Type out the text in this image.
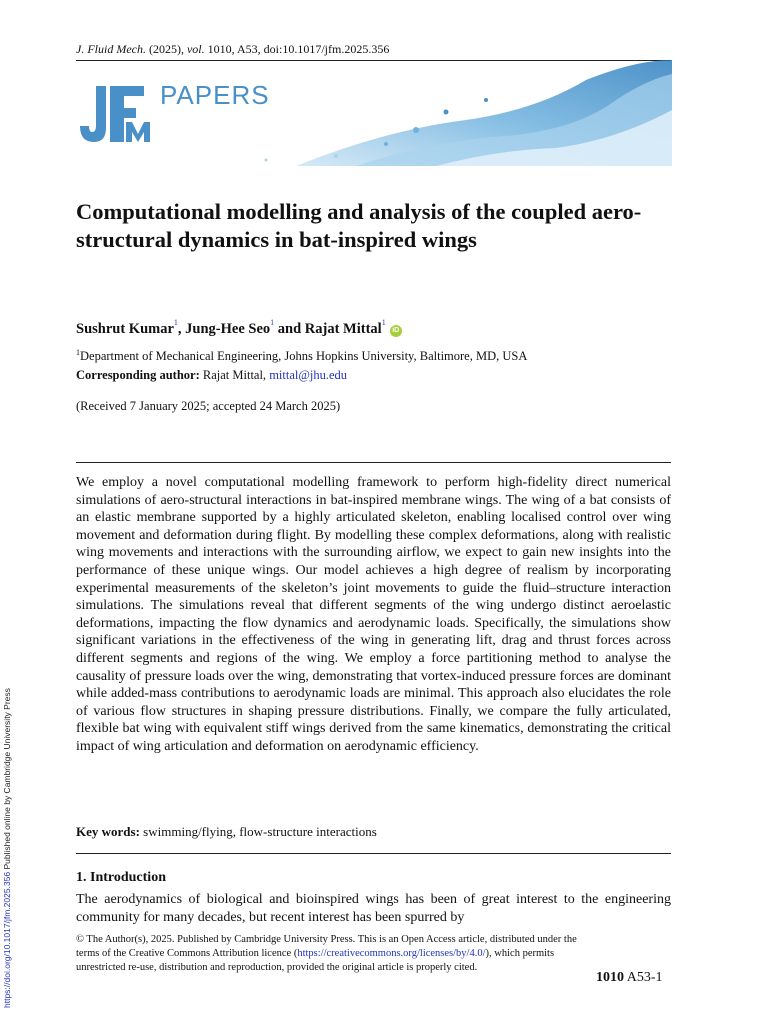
J. Fluid Mech. (2025), vol. 1010, A53, doi:10.1017/jfm.2025.356
PAPERS
Computational modelling and analysis of the coupled aero-structural dynamics in bat-inspired wings
Sushrut Kumar$^1$, Jung-Hee Seo$^1$ and Rajat Mittal$^1$iD
$^1$Department of Mechanical Engineering, Johns Hopkins University, Baltimore, MD, USA
Corresponding author: Rajat Mittal, mittal@jhu.edu
(Received 7 January 2025; accepted 24 March 2025)
We employ a novel computational modelling framework to perform high-fidelity direct numerical simulations of aero-structural interactions in bat-inspired membrane wings. The wing of a bat consists of an elastic membrane supported by a highly articulated skeleton, enabling localised control over wing movement and deformation during flight. By modelling these complex deformations, along with realistic wing movements and interactions with the surrounding airflow, we expect to gain new insights into the performance of these unique wings. Our model achieves a high degree of realism by incorporating experimental measurements of the skeleton’s joint movements to guide the fluid–structure interaction simulations. The simulations reveal that different segments of the wing undergo distinct aeroelastic deformations, impacting the flow dynamics and aerodynamic loads. Specifically, the simulations show significant variations in the effectiveness of the wing in generating lift, drag and thrust forces across different segments and regions of the wing. We employ a force partitioning method to analyse the causality of pressure loads over the wing, demonstrating that vortex-induced pressure forces are dominant while added-mass contributions to aerodynamic loads are minimal. This approach also elucidates the role of various flow structures in shaping pressure distributions. Finally, we compare the fully articulated, flexible bat wing with equivalent stiff wings derived from the same kinematics, demonstrating the critical impact of wing articulation and deformation on aerodynamic efficiency.
Key words: swimming/flying, flow-structure interactions
1. Introduction
The aerodynamics of biological and bioinspired wings has been of great interest to the engineering community for many decades, but recent interest has been spurred by
© The Author(s), 2025. Published by Cambridge University Press. This is an Open Access article, distributed under the terms of the Creative Commons Attribution licence (https://creativecommons.org/licenses/by/4.0/), which permits unrestricted re-use, distribution and reproduction, provided the original article is properly cited.
1010 A53-1
https://doi.org/10.1017/jfm.2025.356 Published online by Cambridge University Press
